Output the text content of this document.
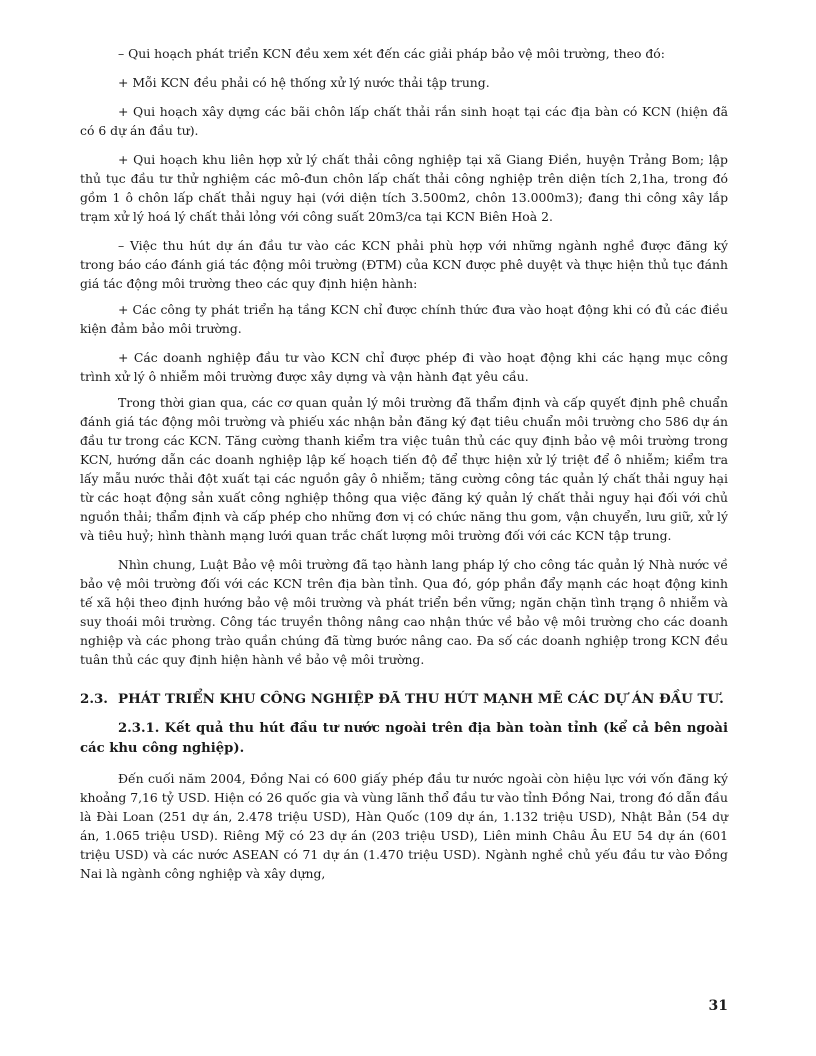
– Qui hoạch phát triển KCN đều xem xét đến các giải pháp bảo vệ môi trường, theo đó:

+ Mỗi KCN đều phải có hệ thống xử lý nước thải tập trung.

+ Qui hoạch xây dựng các bãi chôn lấp chất thải rắn sinh hoạt tại các địa bàn có KCN (hiện đã có 6 dự án đầu tư).

+ Qui hoạch khu liên hợp xử lý chất thải công nghiệp tại xã Giang Điền, huyện Trảng Bom; lập thủ tục đầu tư thử nghiệm các mô-đun chôn lấp chất thải công nghiệp trên diện tích 2,1ha, trong đó gồm 1 ô chôn lấp chất thải nguy hại (với diện tích 3.500m2, chôn 13.000m3); đang thi công xây lắp trạm xử lý hoá lý chất thải lỏng với công suất 20m3/ca tại KCN Biên Hoà 2.

– Việc thu hút dự án đầu tư vào các KCN phải phù hợp với những ngành nghề được đăng ký trong báo cáo đánh giá tác động môi trường (ĐTM) của KCN được phê duyệt và thực hiện thủ tục đánh giá tác động môi trường theo các quy định hiện hành:

+ Các công ty phát triển hạ tầng KCN chỉ được chính thức đưa vào hoạt động khi có đủ các điều kiện đảm bảo môi trường.

+ Các doanh nghiệp đầu tư vào KCN chỉ được phép đi vào hoạt động khi các hạng mục công trình xử lý ô nhiễm môi trường được xây dựng và vận hành đạt yêu cầu.

Trong thời gian qua, các cơ quan quản lý môi trường đã thẩm định và cấp quyết định phê chuẩn đánh giá tác động môi trường và phiếu xác nhận bản đăng ký đạt tiêu chuẩn môi trường cho 586 dự án đầu tư trong các KCN. Tăng cường thanh kiểm tra việc tuân thủ các quy định bảo vệ môi trường trong KCN, hướng dẫn các doanh nghiệp lập kế hoạch tiến độ để thực hiện xử lý triệt để ô nhiễm; kiểm tra lấy mẫu nước thải đột xuất tại các nguồn gây ô nhiễm; tăng cường công tác quản lý chất thải nguy hại từ các hoạt động sản xuất công nghiệp thông qua việc đăng ký quản lý chất thải nguy hại đối với chủ nguồn thải; thẩm định và cấp phép cho những đơn vị có chức năng thu gom, vận chuyển, lưu giữ, xử lý và tiêu huỷ; hình thành mạng lưới quan trắc chất lượng môi trường đối với các KCN tập trung.

Nhìn chung, Luật Bảo vệ môi trường đã tạo hành lang pháp lý cho công tác quản lý Nhà nước về bảo vệ môi trường đối với các KCN trên địa bàn tỉnh. Qua đó, góp phần đẩy mạnh các hoạt động kinh tế xã hội theo định hướng bảo vệ môi trường và phát triển bền vững; ngăn chặn tình trạng ô nhiễm và suy thoái môi trường. Công tác truyền thông nâng cao nhận thức về bảo vệ môi trường cho các doanh nghiệp và các phong trào quần chúng đã từng bước nâng cao. Đa số các doanh nghiệp trong KCN đều tuân thủ các quy định hiện hành về bảo vệ môi trường.

2.3. PHÁT TRIỂN KHU CÔNG NGHIỆP ĐÃ THU HÚT MẠNH MẼ CÁC DỰ ÁN ĐẦU TƯ.

2.3.1. Kết quả thu hút đầu tư nước ngoài trên địa bàn toàn tỉnh (kể cả bên ngoài các khu công nghiệp).

Đến cuối năm 2004, Đồng Nai có 600 giấy phép đầu tư nước ngoài còn hiệu lực với vốn đăng ký khoảng 7,16 tỷ USD. Hiện có 26 quốc gia và vùng lãnh thổ đầu tư vào tỉnh Đồng Nai, trong đó dẫn đầu là Đài Loan (251 dự án, 2.478 triệu USD), Hàn Quốc (109 dự án, 1.132 triệu USD), Nhật Bản (54 dự án, 1.065 triệu USD). Riêng Mỹ có 23 dự án (203 triệu USD), Liên minh Châu Âu EU 54 dự án (601 triệu USD) và các nước ASEAN có 71 dự án (1.470 triệu USD). Ngành nghề chủ yếu đầu tư vào Đồng Nai là ngành công nghiệp và xây dựng,

31
